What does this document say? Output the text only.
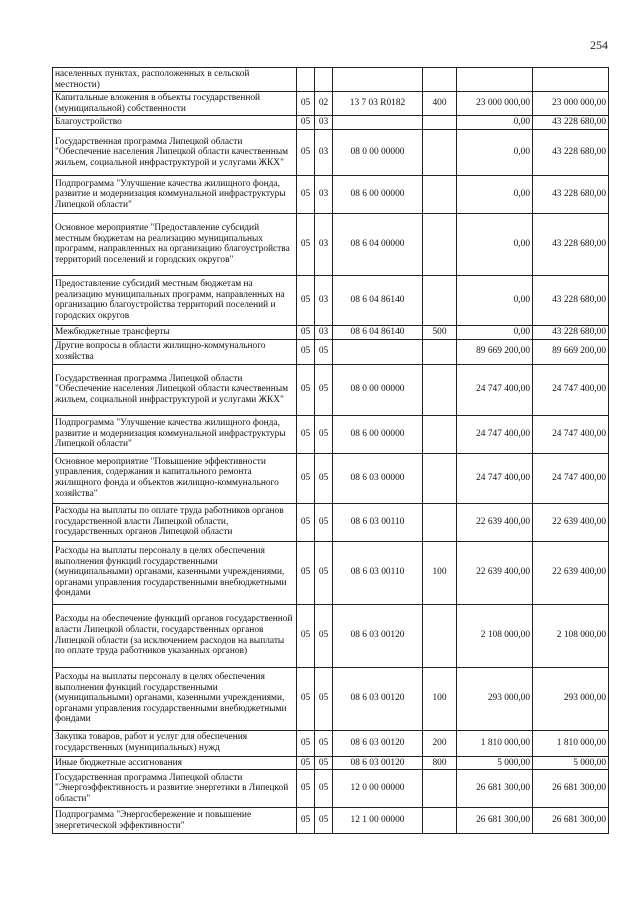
254
населенных пунктах, расположенных в сельской местности)						
Капитальные вложения в объекты государственной (муниципальной) собственности	05	02	13 7 03 R0182	400	23 000 000,00	23 000 000,00
Благоустройство	05	03			0,00	43 228 680,00
Государственная программа Липецкой области "Обеспечение населения Липецкой области качественным жильем, социальной инфраструктурой и услугами ЖКХ"	05	03	08 0 00 00000		0,00	43 228 680,00
Подпрограмма "Улучшение качества жилищного фонда, развитие и модернизация коммунальной инфраструктуры Липецкой области"	05	03	08 6 00 00000		0,00	43 228 680,00
Основное мероприятие "Предоставление субсидий местным бюджетам на реализацию муниципальных программ, направленных на организацию благоустройства территорий поселений и городских округов"	05	03	08 6 04 00000		0,00	43 228 680,00
Предоставление субсидий местным бюджетам на реализацию муниципальных программ, направленных на организацию благоустройства территорий поселений и городских округов	05	03	08 6 04 86140		0,00	43 228 680,00
Межбюджетные трансферты	05	03	08 6 04 86140	500	0,00	43 228 680,00
Другие вопросы в области жилищно-коммунального хозяйства	05	05			89 669 200,00	89 669 200,00
Государственная программа Липецкой области "Обеспечение населения Липецкой области качественным жильем, социальной инфраструктурой и услугами ЖКХ"	05	05	08 0 00 00000		24 747 400,00	24 747 400,00
Подпрограмма "Улучшение качества жилищного фонда, развитие и модернизация коммунальной инфраструктуры Липецкой области"	05	05	08 6 00 00000		24 747 400,00	24 747 400,00
Основное мероприятие "Повышение эффективности управления, содержания и капитального ремонта жилищного фонда и объектов жилищно-коммунального хозяйства"	05	05	08 6 03 00000		24 747 400,00	24 747 400,00
Расходы на выплаты по оплате труда работников органов государственной власти Липецкой области, государственных органов Липецкой области	05	05	08 6 03 00110		22 639 400,00	22 639 400,00
Расходы на выплаты персоналу в целях обеспечения выполнения функций государственными (муниципальными) органами, казенными учреждениями, органами управления государственными внебюджетными фондами	05	05	08 6 03 00110	100	22 639 400,00	22 639 400,00
Расходы на обеспечение функций органов государственной власти Липецкой области, государственных органов Липецкой области (за исключением расходов на выплаты по оплате труда работников указанных органов)	05	05	08 6 03 00120		2 108 000,00	2 108 000,00
Расходы на выплаты персоналу в целях обеспечения выполнения функций государственными (муниципальными) органами, казенными учреждениями, органами управления государственными внебюджетными фондами	05	05	08 6 03 00120	100	293 000,00	293 000,00
Закупка товаров, работ и услуг для обеспечения государственных (муниципальных) нужд	05	05	08 6 03 00120	200	1 810 000,00	1 810 000,00
Иные бюджетные ассигнования	05	05	08 6 03 00120	800	5 000,00	5 000,00
Государственная программа Липецкой области "Энергоэффективность и развитие энергетики в Липецкой области"	05	05	12 0 00 00000		26 681 300,00	26 681 300,00
Подпрограмма "Энергосбережение и повышение энергетической эффективности"	05	05	12 1 00 00000		26 681 300,00	26 681 300,00
